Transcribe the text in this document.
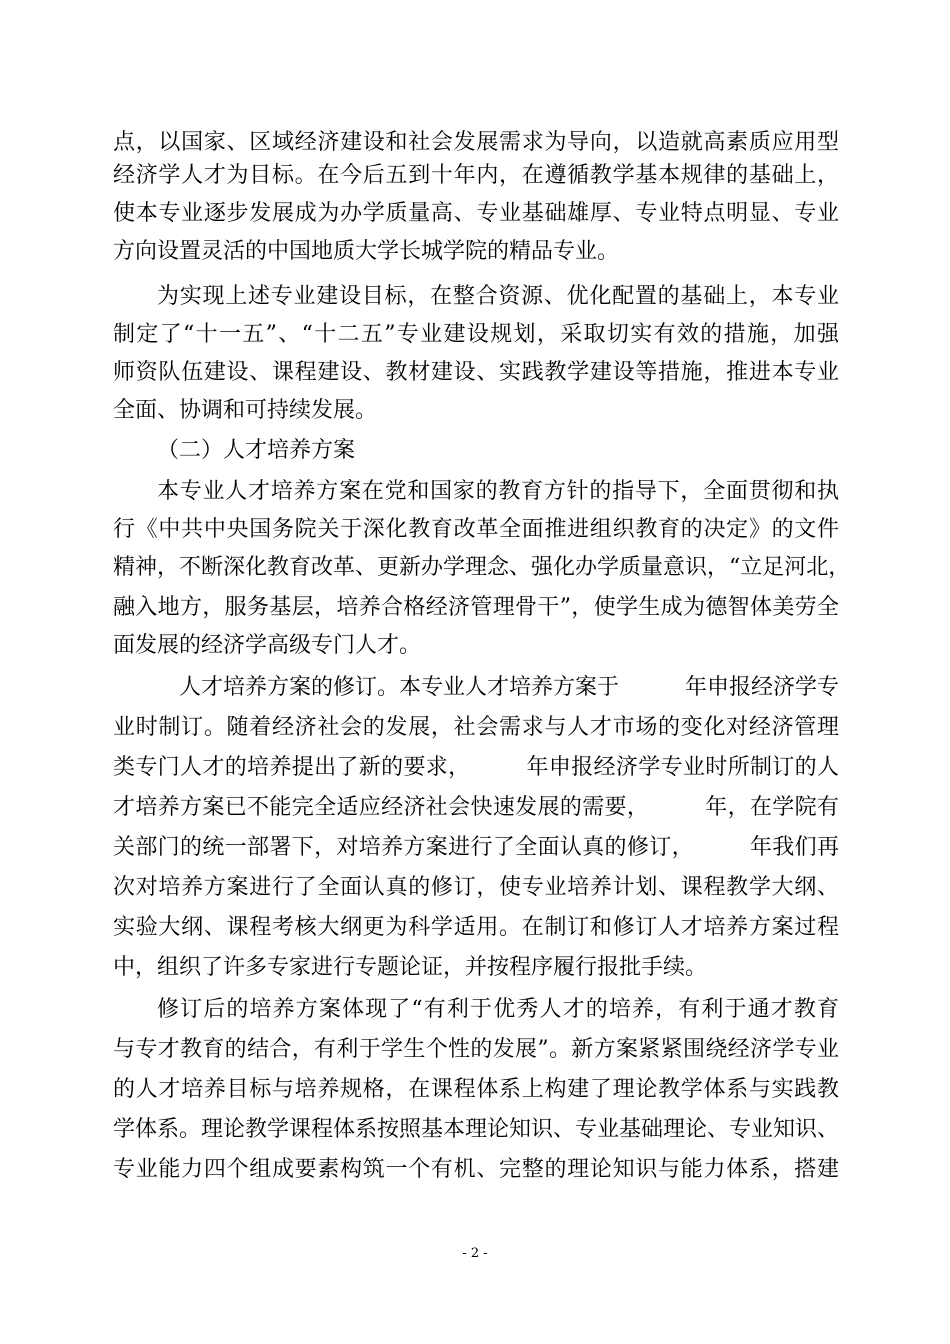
点，以国家、区域经济建设和社会发展需求为导向，以造就高素质应用型
经济学人才为目标。在今后五到十年内，在遵循教学基本规律的基础上，
使本专业逐步发展成为办学质量高、专业基础雄厚、专业特点明显、专业
方向设置灵活的中国地质大学长城学院的精品专业。
为实现上述专业建设目标，在整合资源、优化配置的基础上，本专业
制定了“十一五”、“十二五”专业建设规划，采取切实有效的措施，加强
师资队伍建设、课程建设、教材建设、实践教学建设等措施，推进本专业
全面、协调和可持续发展。
（二）人才培养方案
本专业人才培养方案在党和国家的教育方针的指导下，全面贯彻和执
行《中共中央国务院关于深化教育改革全面推进组织教育的决定》的文件
精神，不断深化教育改革、更新办学理念、强化办学质量意识，“立足河北，
融入地方，服务基层，培养合格经济管理骨干”，使学生成为德智体美劳全
面发展的经济学高级专门人才。
人才培养方案的修订。本专业人才培养方案于　　　年申报经济学专
业时制订。随着经济社会的发展，社会需求与人才市场的变化对经济管理
类专门人才的培养提出了新的要求，　　　年申报经济学专业时所制订的人
才培养方案已不能完全适应经济社会快速发展的需要，　　　年，在学院有
关部门的统一部署下，对培养方案进行了全面认真的修订，　　　年我们再
次对培养方案进行了全面认真的修订，使专业培养计划、课程教学大纲、
实验大纲、课程考核大纲更为科学适用。在制订和修订人才培养方案过程
中，组织了许多专家进行专题论证，并按程序履行报批手续。
修订后的培养方案体现了“有利于优秀人才的培养，有利于通才教育
与专才教育的结合，有利于学生个性的发展”。新方案紧紧围绕经济学专业
的人才培养目标与培养规格，在课程体系上构建了理论教学体系与实践教
学体系。理论教学课程体系按照基本理论知识、专业基础理论、专业知识、
专业能力四个组成要素构筑一个有机、完整的理论知识与能力体系，搭建
- 2 -
